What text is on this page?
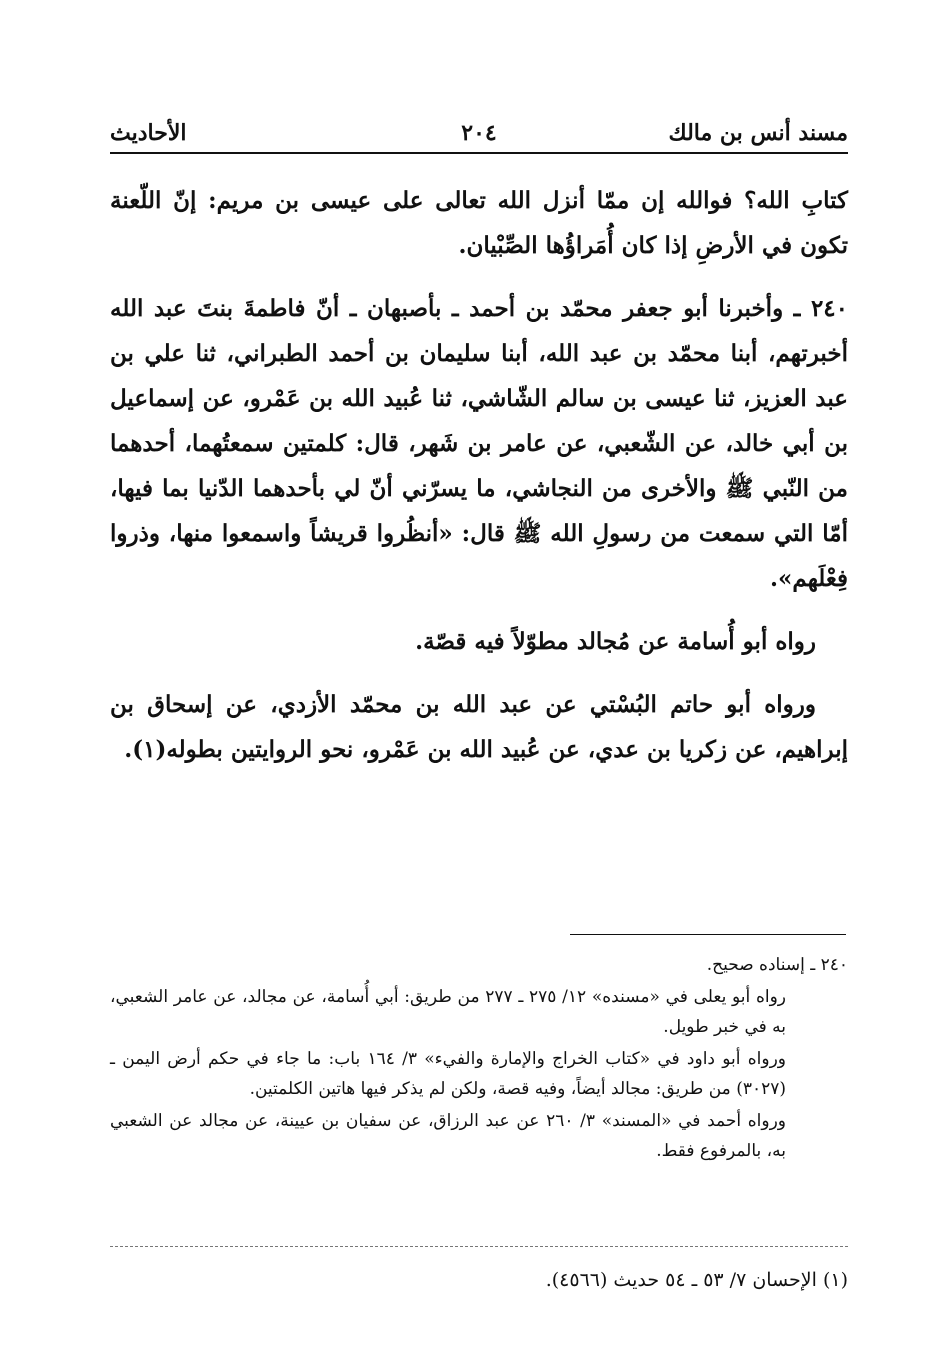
مسند أنس بن مالك
٢٠٤
الأحاديث

كتابِ الله؟ فوالله إن ممّا أنزل الله تعالى على عيسى بن مريم: إنّ اللّعنة تكون في الأرضِ إذا كان أُمَراؤُها الصِّبْيان.

٢٤٠ ـ وأخبرنا أبو جعفر محمّد بن أحمد ـ بأصبهان ـ أنّ فاطمةَ بنتَ عبد الله أخبرتهم، أبنا محمّد بن عبد الله، أبنا سليمان بن أحمد الطبراني، ثنا علي بن عبد العزيز، ثنا عيسى بن سالم الشّاشي، ثنا عُبيد الله بن عَمْرو، عن إسماعيل بن أبي خالد، عن الشّعبي، عن عامر بن شَهر، قال: كلمتين سمعتُهما، أحدهما من النّبي ﷺ والأخرى من النجاشي، ما يسرّني أنّ لي بأحدهما الدّنيا بما فيها، أمّا التي سمعت من رسولِ الله ﷺ قال: «أنظُروا قريشاً واسمعوا منها، وذروا فِعْلَهم».

رواه أبو أُسامة عن مُجالد مطوّلاً فيه قصّة.

ورواه أبو حاتم البُسْتي عن عبد الله بن محمّد الأزدي، عن إسحاق بن إبراهيم، عن زكريا بن عدي، عن عُبيد الله بن عَمْرو، نحو الروايتين بطوله(١).

٢٤٠ ـ إسناده صحيح.

رواه أبو يعلى في «مسنده» ١٢/ ٢٧٥ ـ ٢٧٧ من طريق: أبي أُسامة، عن مجالد، عن عامر الشعبي، به في خبر طويل.

ورواه أبو داود في «كتاب الخراج والإمارة والفيء» ٣/ ١٦٤ باب: ما جاء في حكم أرض اليمن ـ (٣٠٢٧) من طريق: مجالد أيضاً، وفيه قصة، ولكن لم يذكر فيها هاتين الكلمتين.

ورواه أحمد في «المسند» ٣/ ٢٦٠ عن عبد الرزاق، عن سفيان بن عيينة، عن مجالد عن الشعبي به، بالمرفوع فقط.

(١) الإحسان ٧/ ٥٣ ـ ٥٤ حديث (٤٥٦٦).
